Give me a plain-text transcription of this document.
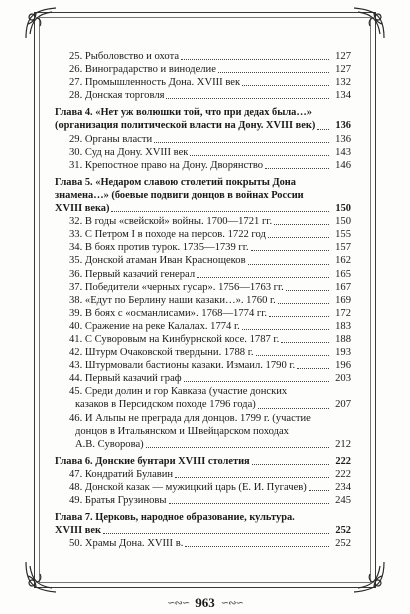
25. Рыболовство и охота	127
26. Виноградарство и виноделие	127
27. Промышленность Дона. XVIII век	132
28. Донская торговля	134
Глава 4. «Нет уж волюшки той, что при дедах была…»
(организация политической власти на Дону. XVIII век)	136
29. Органы власти	136
30. Суд на Дону. XVIII век	143
31. Крепостное право на Дону. Дворянство	146
Глава 5. «Недаром славою столетий покрыты Дона
знамена…» (боевые подвиги донцов в войнах России
XVIII века)	150
32. В годы «свейской» войны. 1700—1721 гг.	150
33. С Петром I в походе на персов. 1722 год	155
34. В боях против турок. 1735—1739 гг.	157
35. Донской атаман Иван Краснощеков	162
36. Первый казачий генерал	165
37. Победители «черных гусар». 1756—1763 гг.	167
38. «Едут по Берлину наши казаки…». 1760 г.	169
39. В боях с «османлисами». 1768—1774 гг.	172
40. Сражение на реке Калалах. 1774 г.	183
41. С Суворовым на Кинбурнской косе. 1787 г.	188
42. Штурм Очаковской твердыни. 1788 г.	193
43. Штурмовали бастионы казаки. Измаил. 1790 г.	196
44. Первый казачий граф	203
45. Среди долин и гор Кавказа (участие донских
казаков в Персидском походе 1796 года)	207
46. И Альпы не преграда для донцов. 1799 г. (участие
донцов в Итальянском и Швейцарском походах
А.В. Суворова)	212
Глава 6. Донские бунтари XVIII столетия	222
47. Кондратий Булавин	222
48. Донской казак — мужицкий царь (Е. И. Пугачев)	234
49. Братья Грузиновы	245
Глава 7. Церковь, народное образование, культура.
XVIII век	252
50. Храмы Дона. XVIII в.	252
∽∾∽ 963 ∽∾∽
